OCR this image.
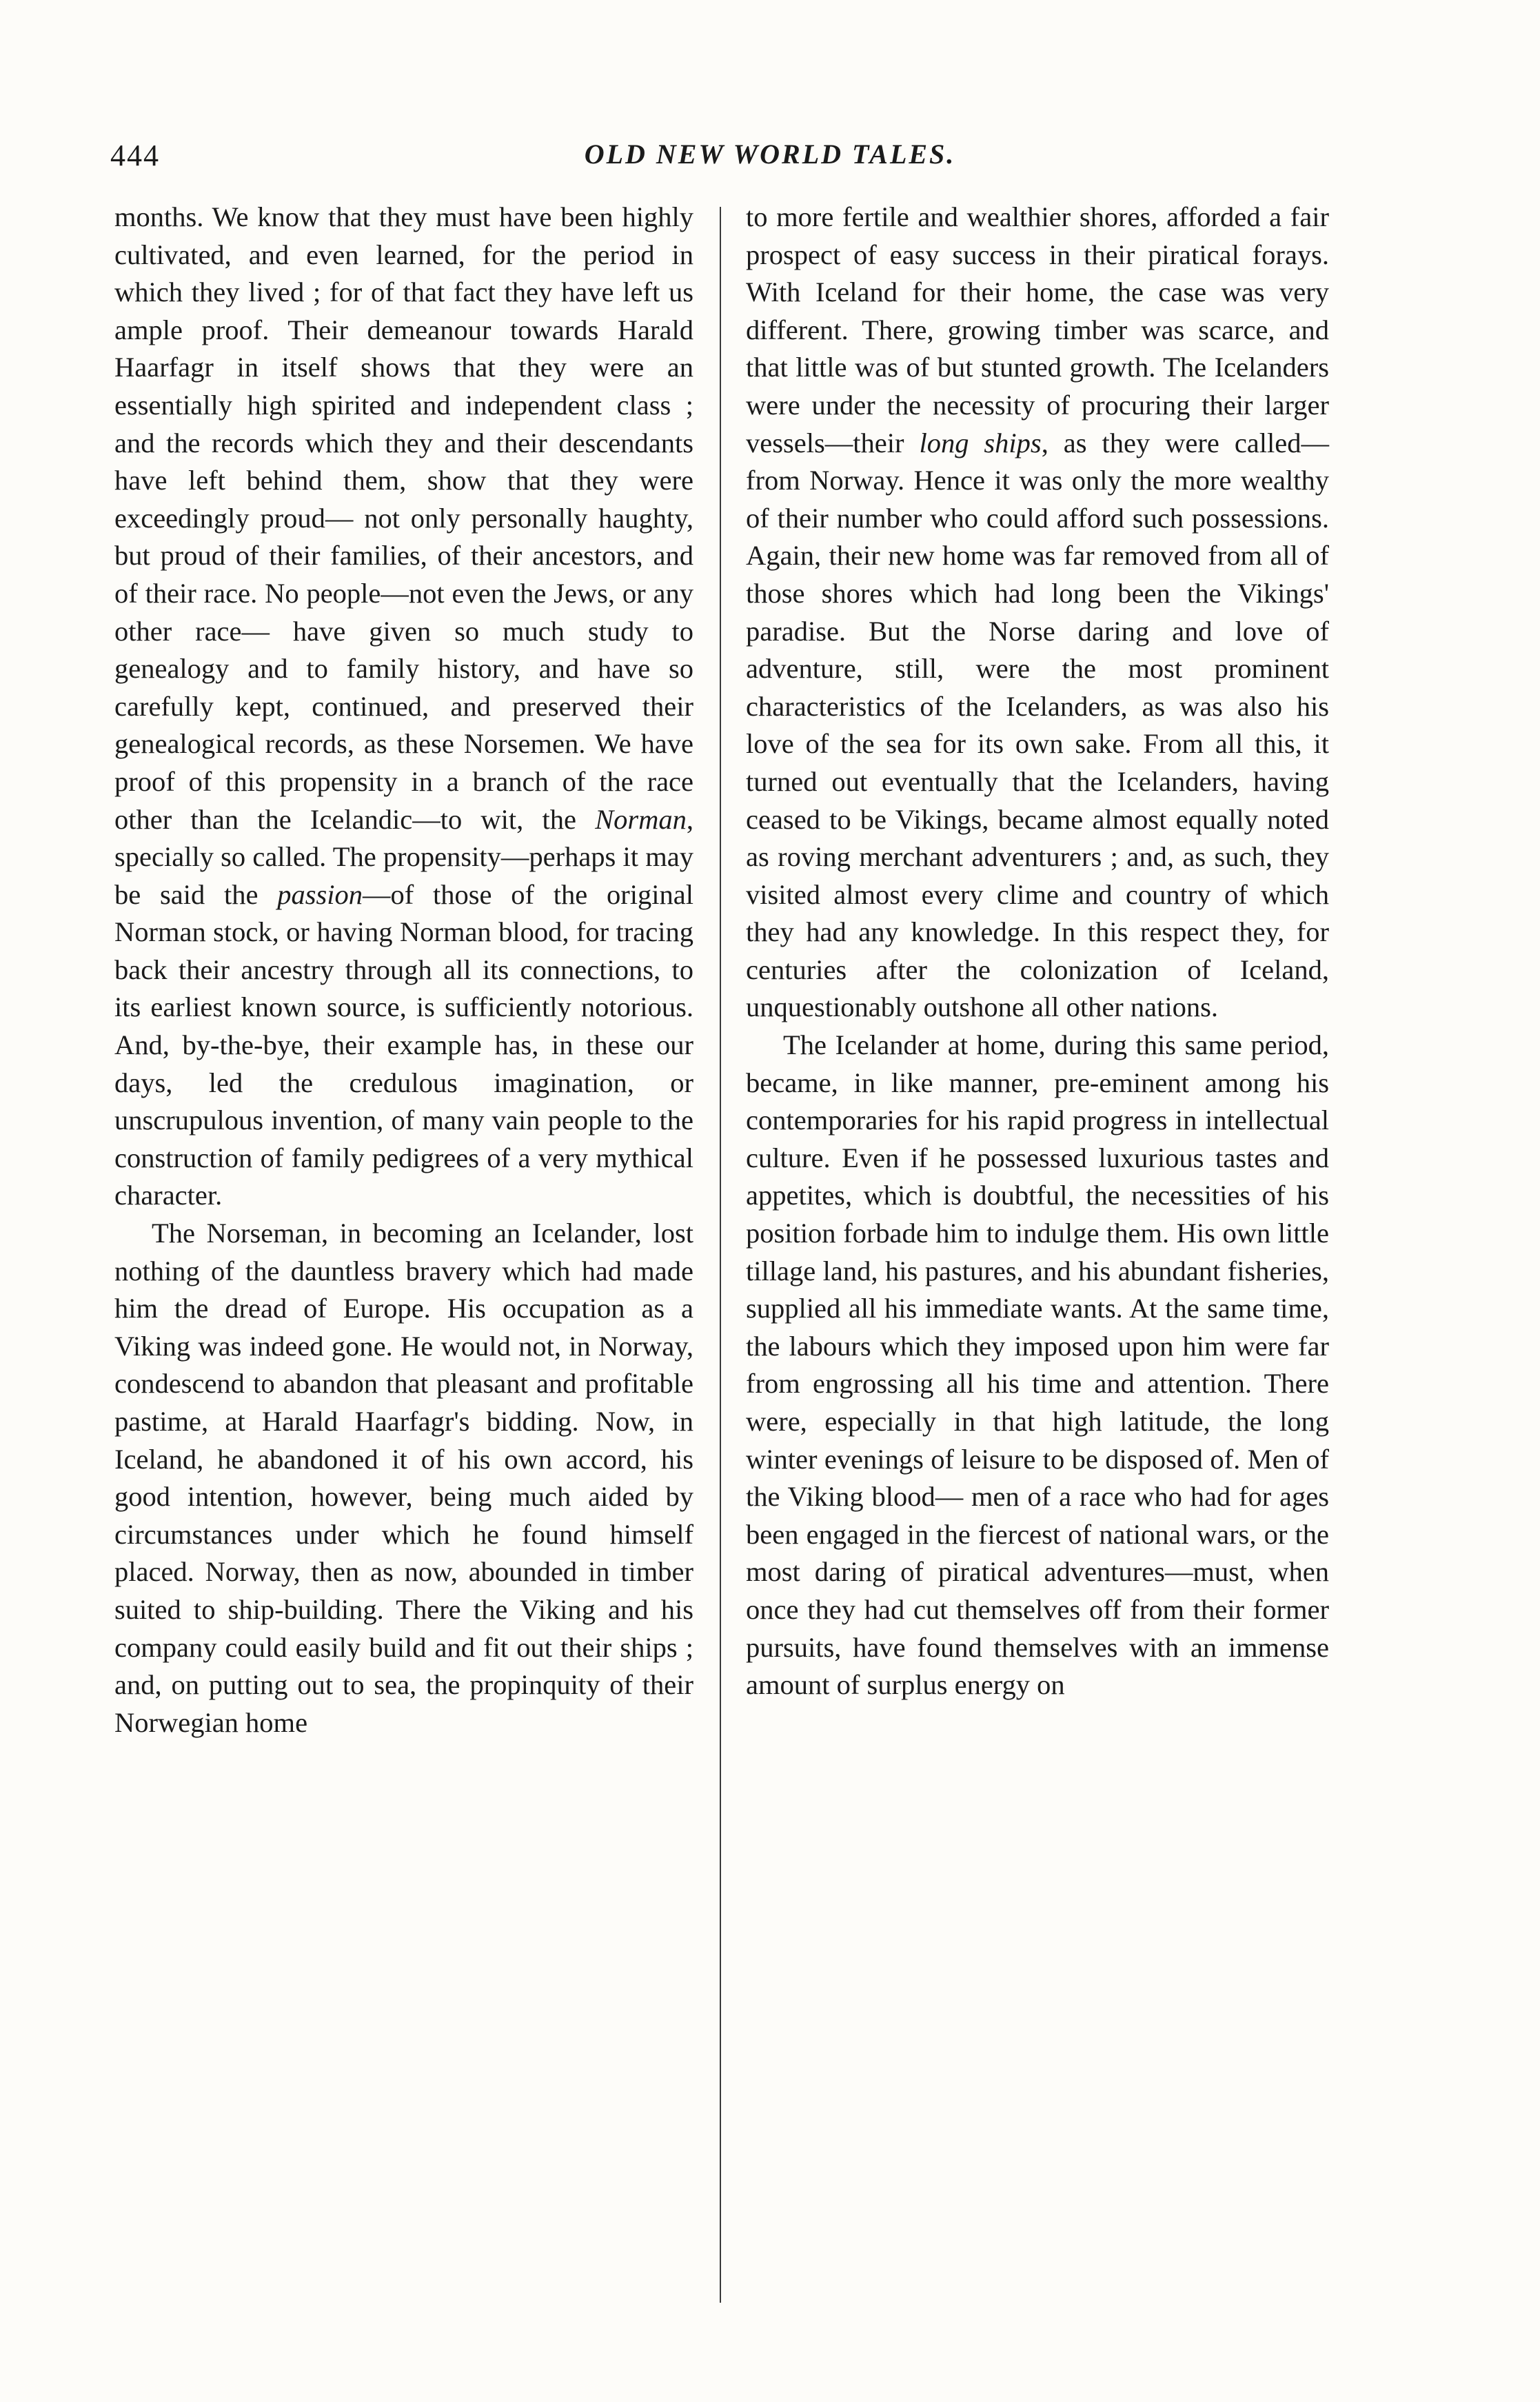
444	OLD NEW WORLD TALES.

months. We know that they must have been highly cultivated, and even learned, for the period in which they lived ; for of that fact they have left us ample proof. Their demeanour towards Harald Haarfagr in itself shows that they were an essentially high spirited and independent class ; and the records which they and their descendants have left behind them, show that they were exceedingly proud— not only personally haughty, but proud of their families, of their ancestors, and of their race. No people—not even the Jews, or any other race— have given so much study to genealogy and to family history, and have so carefully kept, continued, and preserved their genealogical records, as these Norsemen. We have proof of this propensity in a branch of the race other than the Icelandic—to wit, the Norman, specially so called. The propensity—perhaps it may be said the passion—of those of the original Norman stock, or having Norman blood, for tracing back their ancestry through all its connections, to its earliest known source, is sufficiently notorious. And, by-the-bye, their example has, in these our days, led the credulous imagination, or unscrupulous invention, of many vain people to the construction of family pedigrees of a very mythical character.

The Norseman, in becoming an Icelander, lost nothing of the dauntless bravery which had made him the dread of Europe. His occupation as a Viking was indeed gone. He would not, in Norway, condescend to abandon that pleasant and profitable pastime, at Harald Haarfagr's bidding. Now, in Iceland, he abandoned it of his own accord, his good intention, however, being much aided by circumstances under which he found himself placed. Norway, then as now, abounded in timber suited to ship-building. There the Viking and his company could easily build and fit out their ships ; and, on putting out to sea, the propinquity of their Norwegian home

to more fertile and wealthier shores, afforded a fair prospect of easy success in their piratical forays. With Iceland for their home, the case was very different. There, growing timber was scarce, and that little was of but stunted growth. The Icelanders were under the necessity of procuring their larger vessels—their long ships, as they were called—from Norway. Hence it was only the more wealthy of their number who could afford such possessions. Again, their new home was far removed from all of those shores which had long been the Vikings' paradise. But the Norse daring and love of adventure, still, were the most prominent characteristics of the Icelanders, as was also his love of the sea for its own sake. From all this, it turned out eventually that the Icelanders, having ceased to be Vikings, became almost equally noted as roving merchant adventurers ; and, as such, they visited almost every clime and country of which they had any knowledge. In this respect they, for centuries after the colonization of Iceland, unquestionably outshone all other nations.

The Icelander at home, during this same period, became, in like manner, pre-eminent among his contemporaries for his rapid progress in intellectual culture. Even if he possessed luxurious tastes and appetites, which is doubtful, the necessities of his position forbade him to indulge them. His own little tillage land, his pastures, and his abundant fisheries, supplied all his immediate wants. At the same time, the labours which they imposed upon him were far from engrossing all his time and attention. There were, especially in that high latitude, the long winter evenings of leisure to be disposed of. Men of the Viking blood— men of a race who had for ages been engaged in the fiercest of national wars, or the most daring of piratical adventures—must, when once they had cut themselves off from their former pursuits, have found themselves with an immense amount of surplus energy on
